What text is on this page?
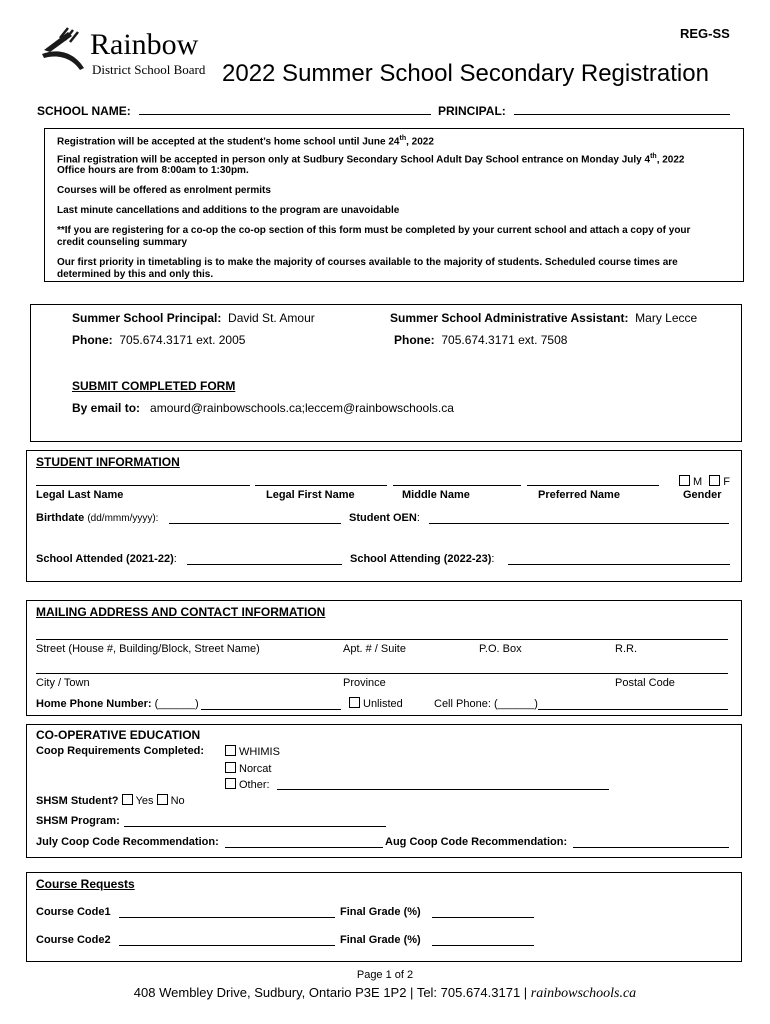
REG-SS
Rainbow
District School Board 2022 Summer School Secondary Registration
SCHOOL NAME:	PRINCIPAL:
Registration will be accepted at the student’s home school until June 24th, 2022
Final registration will be accepted in person only at Sudbury Secondary School Adult Day School entrance on Monday July 4th, 2022
Office hours are from 8:00am to 1:30pm.
Courses will be offered as enrolment permits
Last minute cancellations and additions to the program are unavoidable
**If you are registering for a co-op the co-op section of this form must be completed by your current school and attach a copy of your
credit counseling summary
Our first priority in timetabling is to make the majority of courses available to the majority of students. Scheduled course times are
determined by this and only this.
Summer School Principal: David St. Amour	Summer School Administrative Assistant: Mary Lecce
Phone: 705.674.3171 ext. 2005	Phone: 705.674.3171 ext. 7508
SUBMIT COMPLETED FORM
By email to: amourd@rainbowschools.ca;leccem@rainbowschools.ca
STUDENT INFORMATION
M F
Legal Last Name	Legal First Name	Middle Name	Preferred Name	Gender
Birthdate (dd/mmm/yyyy):	Student OEN:
School Attended (2021-22):	School Attending (2022-23):
MAILING ADDRESS AND CONTACT INFORMATION
Street (House #, Building/Block, Street Name)	Apt. # / Suite	P.O. Box	R.R.
City / Town	Province	Postal Code
Home Phone Number: (______)	Unlisted	Cell Phone: (______)
CO-OPERATIVE EDUCATION
Coop Requirements Completed:	WHIMIS
Norcat
Other:
SHSM Student? Yes No
SHSM Program:
July Coop Code Recommendation:	Aug Coop Code Recommendation:
Course Requests
Course Code1	Final Grade (%)
Course Code2	Final Grade (%)
Page 1 of 2
408 Wembley Drive, Sudbury, Ontario P3E 1P2 | Tel: 705.674.3171 | rainbowschools.ca
